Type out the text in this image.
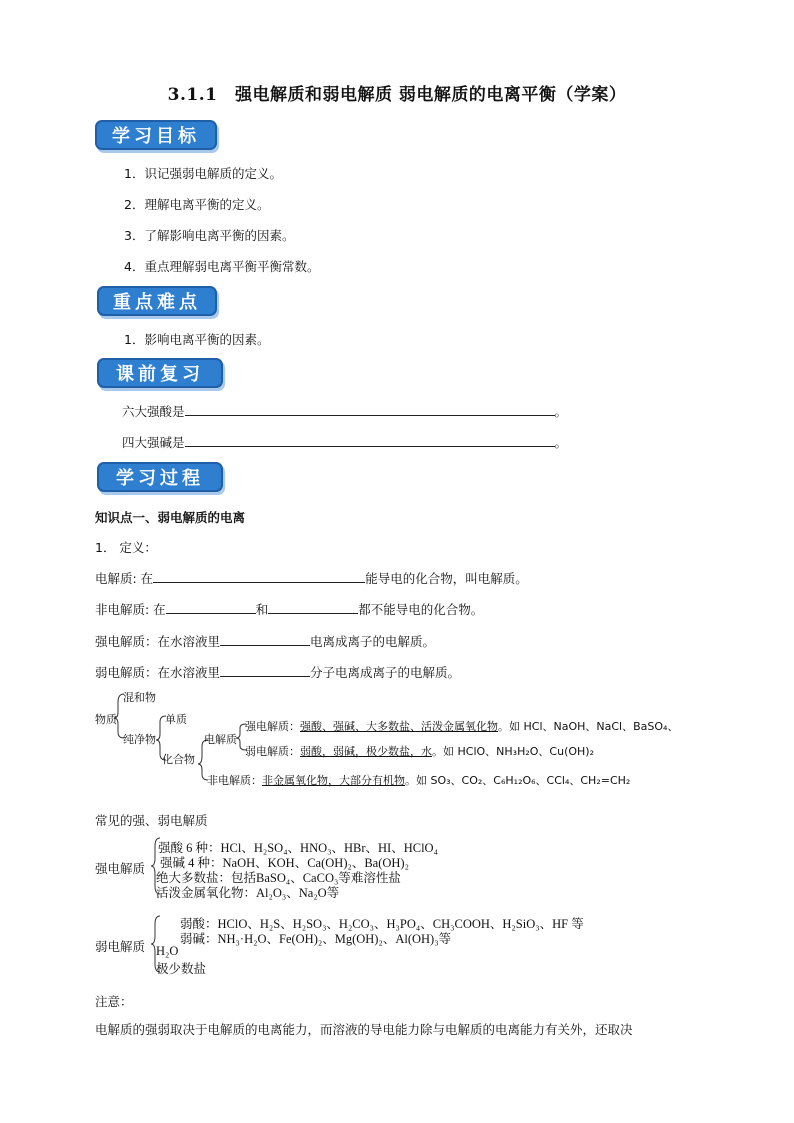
3.1.1　强电解质和弱电解质 弱电解质的电离平衡（学案）
学习目标
1．识记强弱电解质的定义。
2．理解电离平衡的定义。
3．了解影响电离平衡的因素。
4．重点理解弱电离平衡平衡常数。
重点难点
1．影响电离平衡的因素。
课前复习
六大强酸是	。
四大强碱是	。
学习过程
知识点一、弱电解质的电离
1． 定义：
电解质: 在	能导电的化合物，叫电解质。
非电解质: 在	和	都不能导电的化合物。
强电解质：在水溶液里	电离成离子的电解质。
弱电解质：在水溶液里	分子电离成离子的电解质。
物质
混和物
纯净物
单质
化合物
电解质
强电解质：强酸、强碱、大多数盐、活泼金属氧化物。如 HCl、NaOH、NaCl、BaSO₄、
弱电解质：弱酸，弱碱，极少数盐，水。如 HClO、NH₃H₂O、Cu(OH)₂
非电解质：非金属氧化物，大部分有机物。如 SO₃、CO₂、C₆H₁₂O₆、CCl₄、CH₂=CH₂
常见的强、弱电解质
强电解质
强酸 6 种：HCl、H₂SO₄、HNO₃、HBr、HI、HClO₄
强碱 4 种：NaOH、KOH、Ca(OH)₂、Ba(OH)₂
绝大多数盐：包括BaSO₄、CaCO₃等难溶性盐
活泼金属氧化物：Al₂O₃、Na₂O等
弱电解质
弱酸：HClO、H₂S、H₂SO₃、H₂CO₃、H₃PO₄、CH₃COOH、H₂SiO₃、HF 等
弱碱：NH₃·H₂O、Fe(OH)₂、Mg(OH)₂、Al(OH)₃等
H₂O
极少数盐
注意：
电解质的强弱取决于电解质的电离能力，而溶液的导电能力除与电解质的电离能力有关外，还取决
